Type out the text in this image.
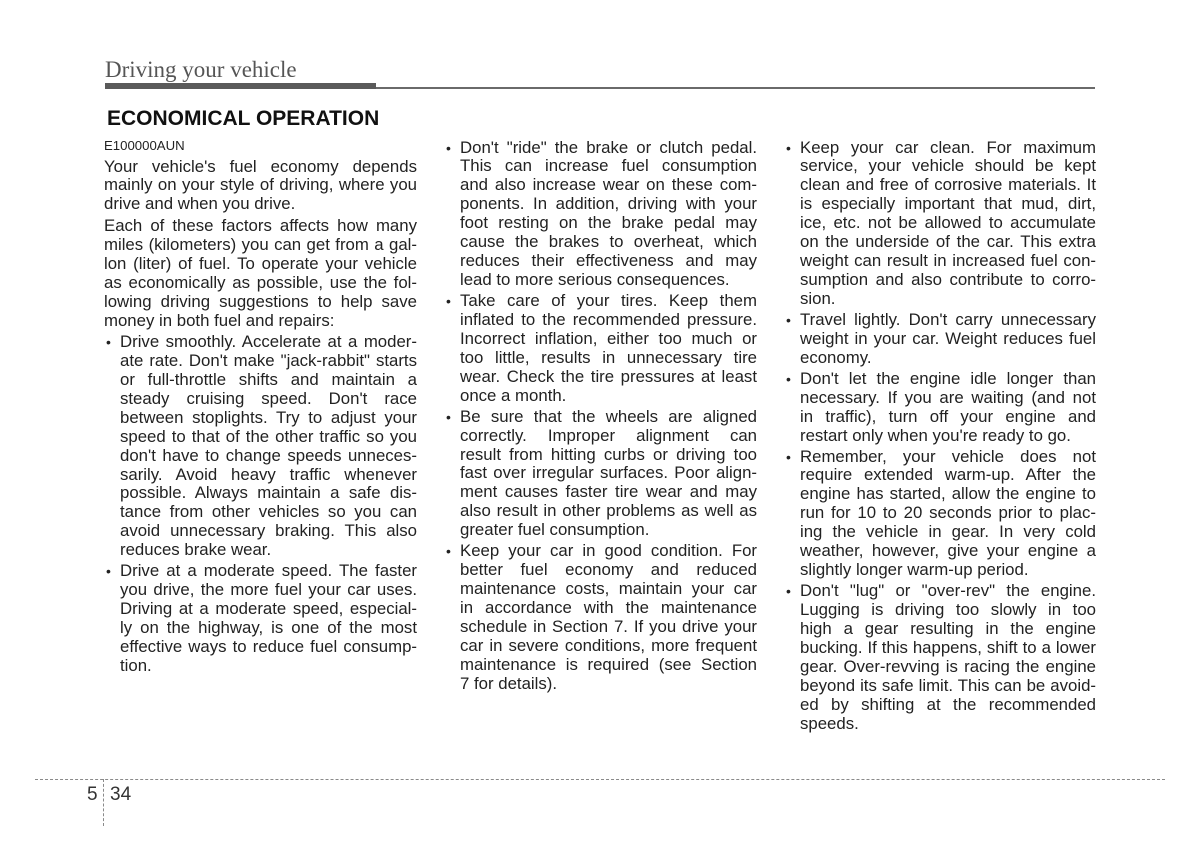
Driving your vehicle
ECONOMICAL OPERATION
E100000AUN
Your vehicle's fuel economy depends
mainly on your style of driving, where you
drive and when you drive.
Each of these factors affects how many
miles (kilometers) you can get from a gal-
lon (liter) of fuel. To operate your vehicle
as economically as possible, use the fol-
lowing driving suggestions to help save
money in both fuel and repairs:
• Drive smoothly. Accelerate at a moder-
ate rate. Don't make "jack-rabbit" starts
or full-throttle shifts and maintain a
steady cruising speed. Don't race
between stoplights. Try to adjust your
speed to that of the other traffic so you
don't have to change speeds unneces-
sarily. Avoid heavy traffic whenever
possible. Always maintain a safe dis-
tance from other vehicles so you can
avoid unnecessary braking. This also
reduces brake wear.
• Drive at a moderate speed. The faster
you drive, the more fuel your car uses.
Driving at a moderate speed, especial-
ly on the highway, is one of the most
effective ways to reduce fuel consump-
tion.
• Don't "ride" the brake or clutch pedal.
This can increase fuel consumption
and also increase wear on these com-
ponents. In addition, driving with your
foot resting on the brake pedal may
cause the brakes to overheat, which
reduces their effectiveness and may
lead to more serious consequences.
• Take care of your tires. Keep them
inflated to the recommended pressure.
Incorrect inflation, either too much or
too little, results in unnecessary tire
wear. Check the tire pressures at least
once a month.
• Be sure that the wheels are aligned
correctly. Improper alignment can
result from hitting curbs or driving too
fast over irregular surfaces. Poor align-
ment causes faster tire wear and may
also result in other problems as well as
greater fuel consumption.
• Keep your car in good condition. For
better fuel economy and reduced
maintenance costs, maintain your car
in accordance with the maintenance
schedule in Section 7. If you drive your
car in severe conditions, more frequent
maintenance is required (see Section
7 for details).
• Keep your car clean. For maximum
service, your vehicle should be kept
clean and free of corrosive materials. It
is especially important that mud, dirt,
ice, etc. not be allowed to accumulate
on the underside of the car. This extra
weight can result in increased fuel con-
sumption and also contribute to corro-
sion.
• Travel lightly. Don't carry unnecessary
weight in your car. Weight reduces fuel
economy.
• Don't let the engine idle longer than
necessary. If you are waiting (and not
in traffic), turn off your engine and
restart only when you're ready to go.
• Remember, your vehicle does not
require extended warm-up. After the
engine has started, allow the engine to
run for 10 to 20 seconds prior to plac-
ing the vehicle in gear. In very cold
weather, however, give your engine a
slightly longer warm-up period.
• Don't "lug" or "over-rev" the engine.
Lugging is driving too slowly in too
high a gear resulting in the engine
bucking. If this happens, shift to a lower
gear. Over-revving is racing the engine
beyond its safe limit. This can be avoid-
ed by shifting at the recommended
speeds.
5 34
